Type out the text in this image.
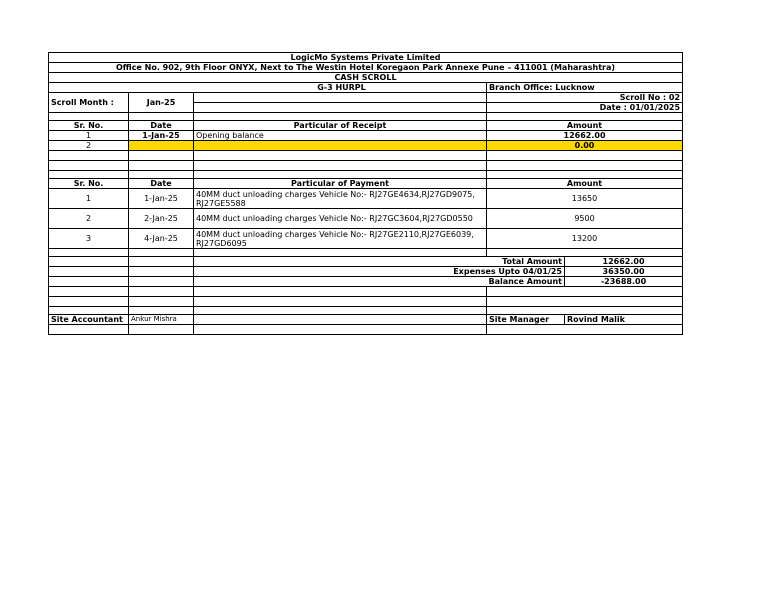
LogicMo Systems Private Limited				
Office No. 902, 9th Floor ONYX, Next to The Westin Hotel Koregaon Park Annexe Pune – 411001 (Maharashtra)				
CASH SCROLL				
G-3 HURPL			Branch Office: Lucknow	
Scroll Month :	Jan-25		Scroll No : 02	
			Date : 01/01/2025	

Sr. No.	Date	Particular of Receipt	Amount	
1	1-Jan-25	Opening balance	12662.00	
2			0.00	

Sr. No.	Date	Particular of Payment	Amount	
1	1-Jan-25	40MM duct unloading charges Vehicle No:- RJ27GE4634,RJ27GD9075, RJ27GE5588	13650	
2	2-Jan-25	40MM duct unloading charges Vehicle No:- RJ27GC3604,RJ27GD0550	9500	
3	4-Jan-25	40MM duct unloading charges Vehicle No:- RJ27GE2110,RJ27GE6039, RJ27GD6095	13200	

		Total Amount		12662.00
		Expenses Upto 04/01/25		36350.00
		Balance Amount		-23688.00

Site Accountant	Ankur Mishra		Site Manager	Rovind Malik
